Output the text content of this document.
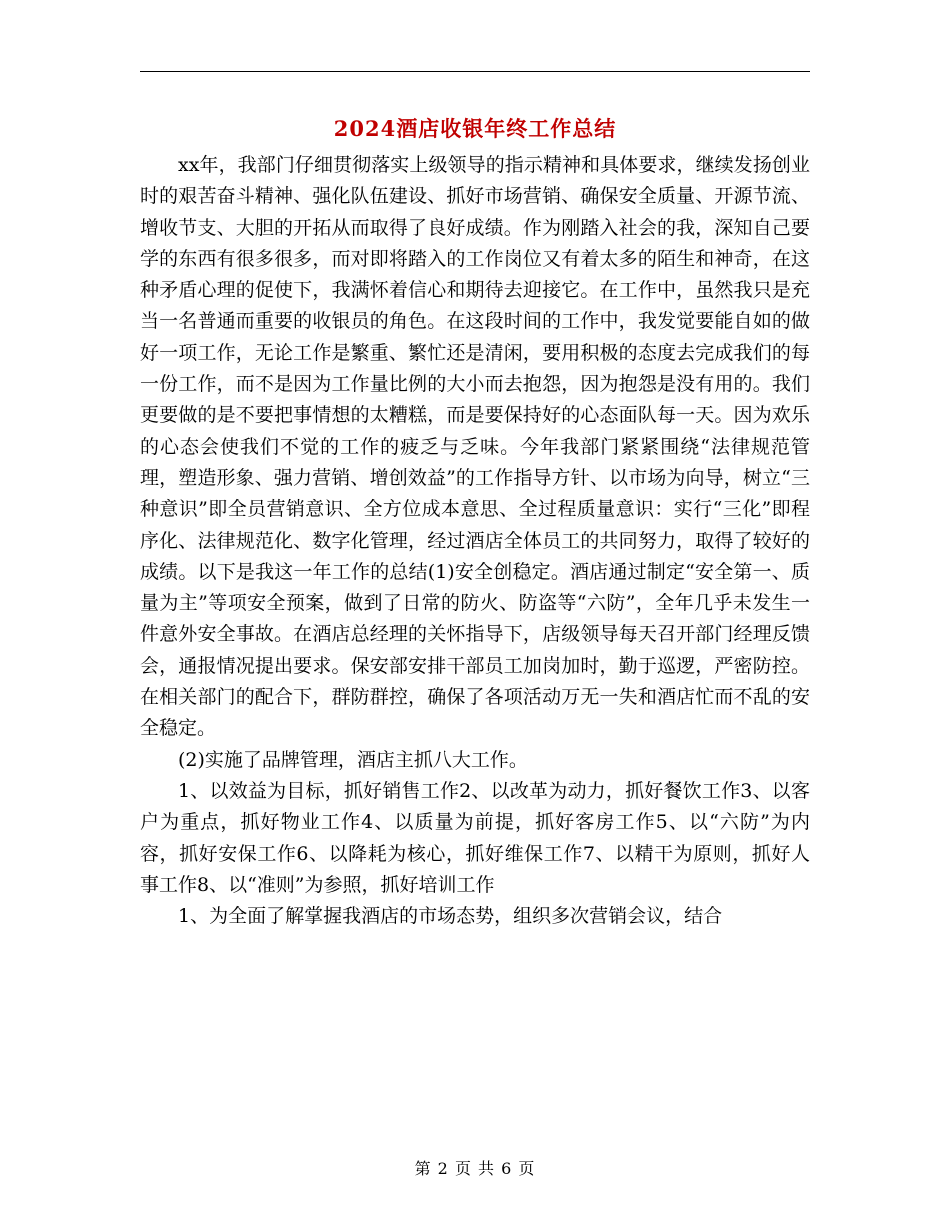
2024酒店收银年终工作总结

xx年，我部门仔细贯彻落实上级领导的指示精神和具体要求，继续发扬创业时的艰苦奋斗精神、强化队伍建设、抓好市场营销、确保安全质量、开源节流、增收节支、大胆的开拓从而取得了良好成绩。作为刚踏入社会的我，深知自己要学的东西有很多很多，而对即将踏入的工作岗位又有着太多的陌生和神奇，在这种矛盾心理的促使下，我满怀着信心和期待去迎接它。在工作中，虽然我只是充当一名普通而重要的收银员的角色。在这段时间的工作中，我发觉要能自如的做好一项工作，无论工作是繁重、繁忙还是清闲，要用积极的态度去完成我们的每一份工作，而不是因为工作量比例的大小而去抱怨，因为抱怨是没有用的。我们更要做的是不要把事情想的太糟糕，而是要保持好的心态面队每一天。因为欢乐的心态会使我们不觉的工作的疲乏与乏味。今年我部门紧紧围绕“法律规范管理，塑造形象、强力营销、增创效益”的工作指导方针、以市场为向导，树立“三种意识”即全员营销意识、全方位成本意思、全过程质量意识：实行“三化”即程序化、法律规范化、数字化管理，经过酒店全体员工的共同努力，取得了较好的成绩。以下是我这一年工作的总结(1)安全创稳定。酒店通过制定“安全第一、质量为主”等项安全预案，做到了日常的防火、防盗等“六防”，全年几乎未发生一件意外安全事故。在酒店总经理的关怀指导下，店级领导每天召开部门经理反馈会，通报情况提出要求。保安部安排干部员工加岗加时，勤于巡逻，严密防控。在相关部门的配合下，群防群控，确保了各项活动万无一失和酒店忙而不乱的安全稳定。

(2)实施了品牌管理，酒店主抓八大工作。

1、以效益为目标，抓好销售工作2、以改革为动力，抓好餐饮工作3、以客户为重点，抓好物业工作4、以质量为前提，抓好客房工作5、以“六防”为内容，抓好安保工作6、以降耗为核心，抓好维保工作7、以精干为原则，抓好人事工作8、以“准则”为参照，抓好培训工作

1、为全面了解掌握我酒店的市场态势，组织多次营销会议，结合

第 2 页 共 6 页
